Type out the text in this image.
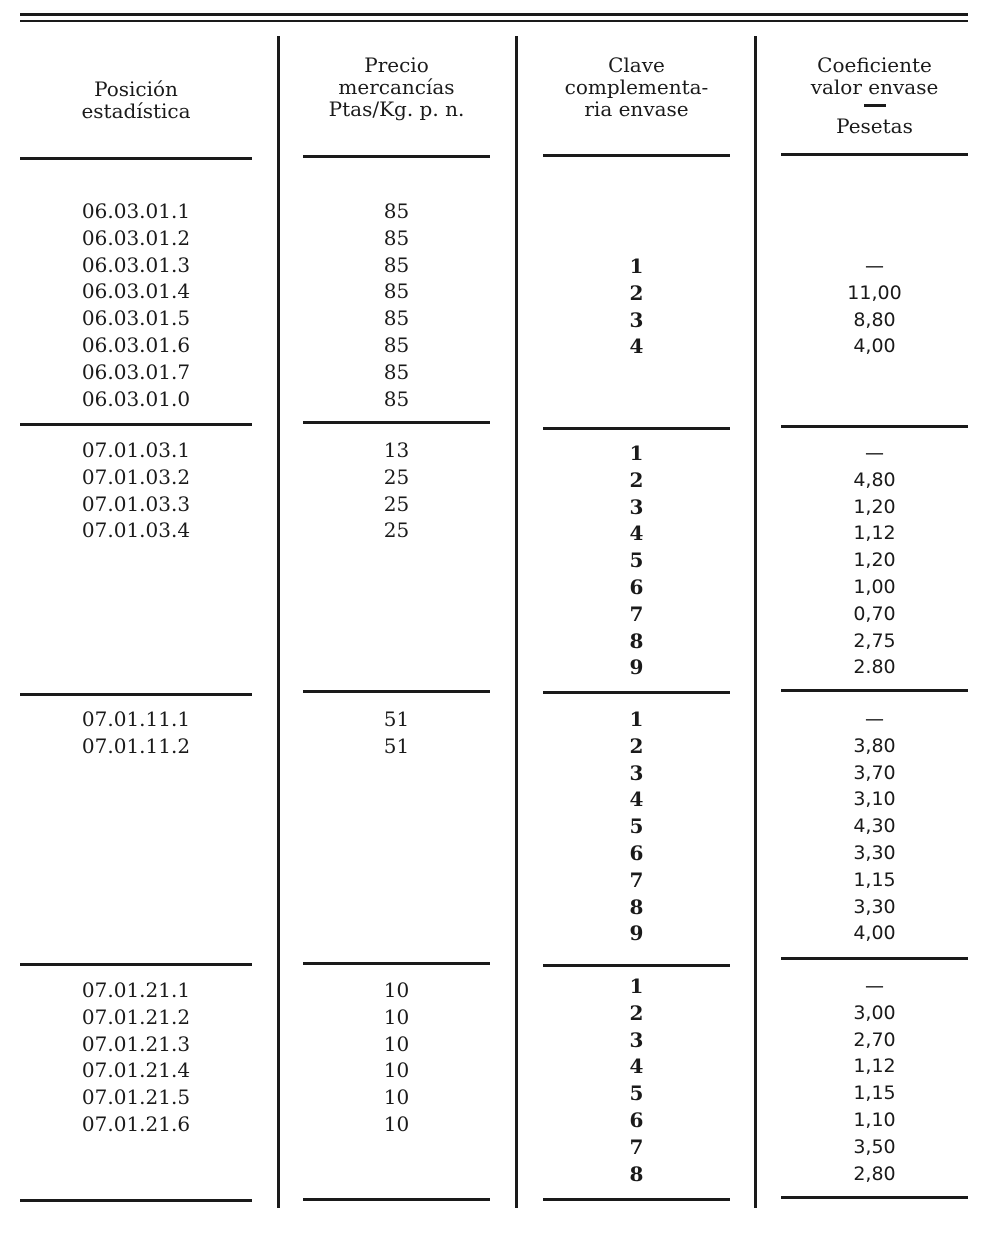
Posición
estadística
06.03.01.1
06.03.01.2
06.03.01.3
06.03.01.4
06.03.01.5
06.03.01.6
06.03.01.7
06.03.01.0
07.01.03.1
07.01.03.2
07.01.03.3
07.01.03.4
07.01.11.1
07.01.11.2
07.01.21.1
07.01.21.2
07.01.21.3
07.01.21.4
07.01.21.5
07.01.21.6
Precio
mercancías
Ptas/Kg. p. n.
85
85
85
85
85
85
85
85
13
25
25
25
51
51
10
10
10
10
10
10
Clave
complementa-
ria envase
1
2
3
4
1
2
3
4
5
6
7
8
9
1
2
3
4
5
6
7
8
9
1
2
3
4
5
6
7
8
Coeficiente
valor envase
Pesetas
—
11,00
8,80
4,00
—
4,80
1,20
1,12
1,20
1,00
0,70
2,75
2.80
—
3,80
3,70
3,10
4,30
3,30
1,15
3,30
4,00
—
3,00
2,70
1,12
1,15
1,10
3,50
2,80
